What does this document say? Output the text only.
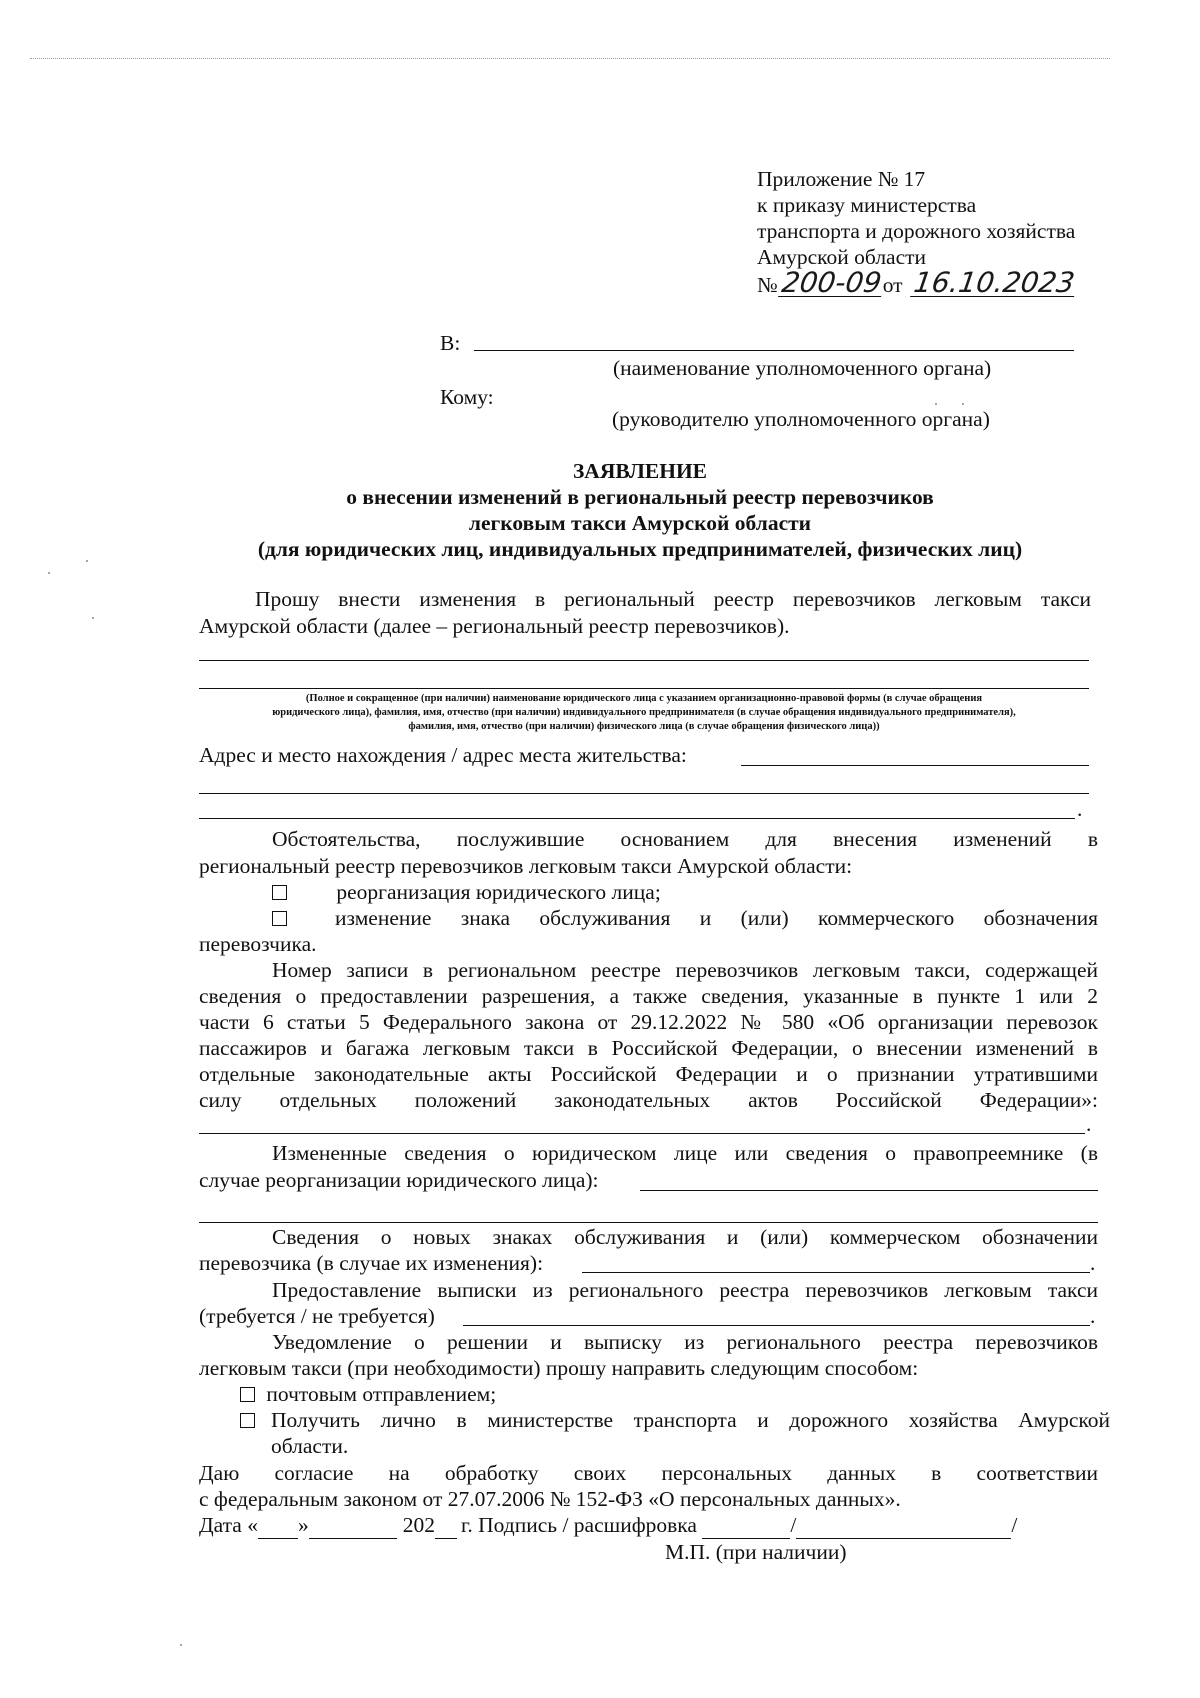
Приложение № 17
к приказу министерства
транспорта и дорожного хозяйства
Амурской области
№200-09от 16.10.2023
В:
(наименование уполномоченного органа)
Кому:
(руководителю уполномоченного органа)
ЗАЯВЛЕНИЕ
о внесении изменений в региональный реестр перевозчиков
легковым такси Амурской области
(для юридических лиц, индивидуальных предпринимателей, физических лиц)
Прошу внести изменения в региональный реестр перевозчиков легковым такси
Амурской области (далее – региональный реестр перевозчиков).
(Полное и сокращенное (при наличии) наименование юридического лица с указанием организационно-правовой формы (в случае обращения
юридического лица), фамилия, имя, отчество (при наличии) индивидуального предпринимателя (в случае обращения индивидуального предпринимателя),
фамилия, имя, отчество (при наличии) физического лица (в случае обращения физического лица))
Адрес и место нахождения / адрес места жительства:
.
Обстоятельства, послужившие основанием для внесения изменений в
региональный реестр перевозчиков легковым такси Амурской области:
реорганизация юридического лица;
изменение знака обслуживания и (или) коммерческого обозначения
перевозчика.
Номер записи в региональном реестре перевозчиков легковым такси, содержащей
сведения о предоставлении разрешения, а также сведения, указанные в пункте 1 или 2
части 6 статьи 5 Федерального закона от 29.12.2022 № 580 «Об организации перевозок
пассажиров и багажа легковым такси в Российской Федерации, о внесении изменений в
отдельные законодательные акты Российской Федерации и о признании утратившими
силу отдельных положений законодательных актов Российской Федерации»:
.
Измененные сведения о юридическом лице или сведения о правопреемнике (в
случае реорганизации юридического лица):
Сведения о новых знаках обслуживания и (или) коммерческом обозначении
перевозчика (в случае их изменения):	.
Предоставление выписки из регионального реестра перевозчиков легковым такси
(требуется / не требуется)	.
Уведомление о решении и выписку из регионального реестра перевозчиков
легковым такси (при необходимости) прошу направить следующим способом:
почтовым отправлением;
Получить лично в министерстве транспорта и дорожного хозяйства Амурской
области.
Даю согласие на обработку своих персональных данных в соответствии
с федеральным законом от 27.07.2006 № 152-ФЗ «О персональных данных».
Дата « »	202 г. Подпись / расшифровка	/	/
М.П. (при наличии)
